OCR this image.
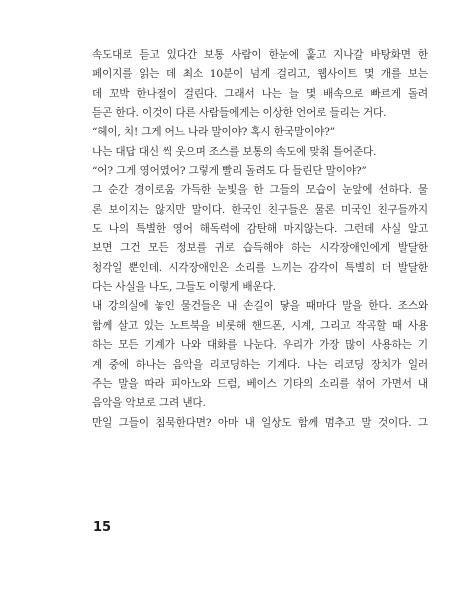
속도대로 듣고 있다간 보통 사람이 한눈에 훑고 지나갈 바탕화면 한
페이지를 읽는 데 최소 10분이 넘게 걸리고, 웹사이트 몇 개를 보는
데 꼬박 한나절이 걸린다. 그래서 나는 늘 몇 배속으로 빠르게 돌려
듣곤 한다. 이것이 다른 사람들에게는 이상한 언어로 들리는 거다.
“헤이, 치! 그게 어느 나라 말이야? 혹시 한국말이야?”
나는 대답 대신 씩 웃으며 조스를 보통의 속도에 맞춰 틀어준다.
“어? 그게 영어였어? 그렇게 빨리 돌려도 다 들린단 말이야?”
그 순간 경이로움 가득한 눈빛을 한 그들의 모습이 눈앞에 선하다. 물
론 보이지는 않지만 말이다. 한국인 친구들은 물론 미국인 친구들까지
도 나의 특별한 영어 해독력에 감탄해 마지않는다. 그런데 사실 알고
보면 그건 모든 정보를 귀로 습득해야 하는 시각장애인에게 발달한
청각일 뿐인데. 시각장애인은 소리를 느끼는 감각이 특별히 더 발달한
다는 사실을 나도, 그들도 이렇게 배운다.
내 강의실에 놓인 물건들은 내 손길이 닿을 때마다 말을 한다. 조스와
함께 살고 있는 노트북을 비롯해 핸드폰, 시계, 그리고 작곡할 때 사용
하는 모든 기계가 나와 대화를 나눈다. 우리가 가장 많이 사용하는 기
계 중에 하나는 음악을 리코딩하는 기계다. 나는 리코딩 장치가 일러
주는 말을 따라 피아노와 드럼, 베이스 기타의 소리를 섞어 가면서 내
음악을 악보로 그려 낸다.
만일 그들이 침묵한다면? 아마 내 일상도 함께 멈추고 말 것이다. 그
15
